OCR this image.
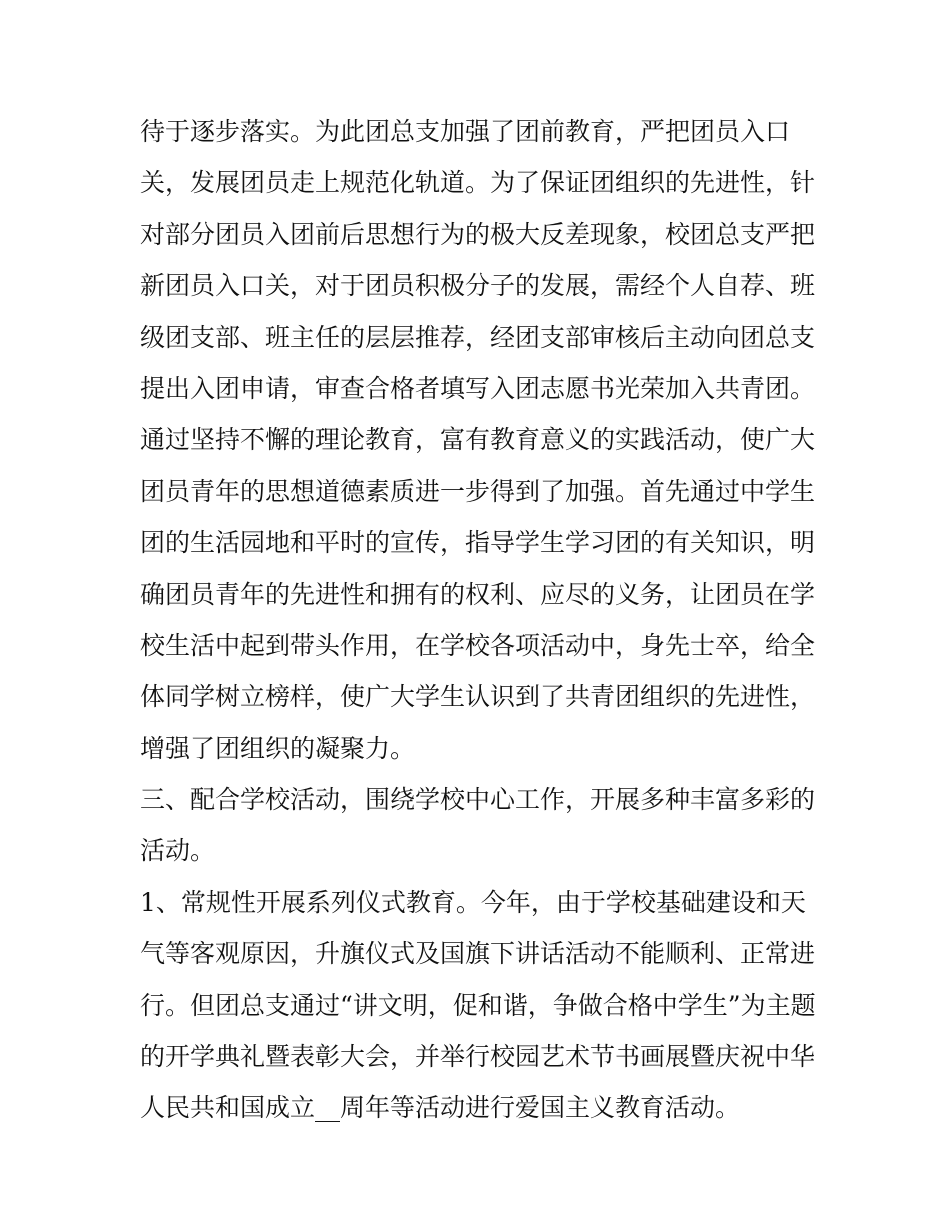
待于逐步落实。为此团总支加强了团前教育，严把团员入口
关，发展团员走上规范化轨道。为了保证团组织的先进性，针
对部分团员入团前后思想行为的极大反差现象，校团总支严把
新团员入口关，对于团员积极分子的发展，需经个人自荐、班
级团支部、班主任的层层推荐，经团支部审核后主动向团总支
提出入团申请，审查合格者填写入团志愿书光荣加入共青团。
通过坚持不懈的理论教育，富有教育意义的实践活动，使广大
团员青年的思想道德素质进一步得到了加强。首先通过中学生
团的生活园地和平时的宣传，指导学生学习团的有关知识，明
确团员青年的先进性和拥有的权利、应尽的义务，让团员在学
校生活中起到带头作用，在学校各项活动中，身先士卒，给全
体同学树立榜样，使广大学生认识到了共青团组织的先进性，
增强了团组织的凝聚力。
三、配合学校活动，围绕学校中心工作，开展多种丰富多彩的
活动。
1、常规性开展系列仪式教育。今年，由于学校基础建设和天
气等客观原因，升旗仪式及国旗下讲话活动不能顺利、正常进
行。但团总支通过“讲文明，促和谐，争做合格中学生”为主题
的开学典礼暨表彰大会，并举行校园艺术节书画展暨庆祝中华
人民共和国成立__周年等活动进行爱国主义教育活动。
